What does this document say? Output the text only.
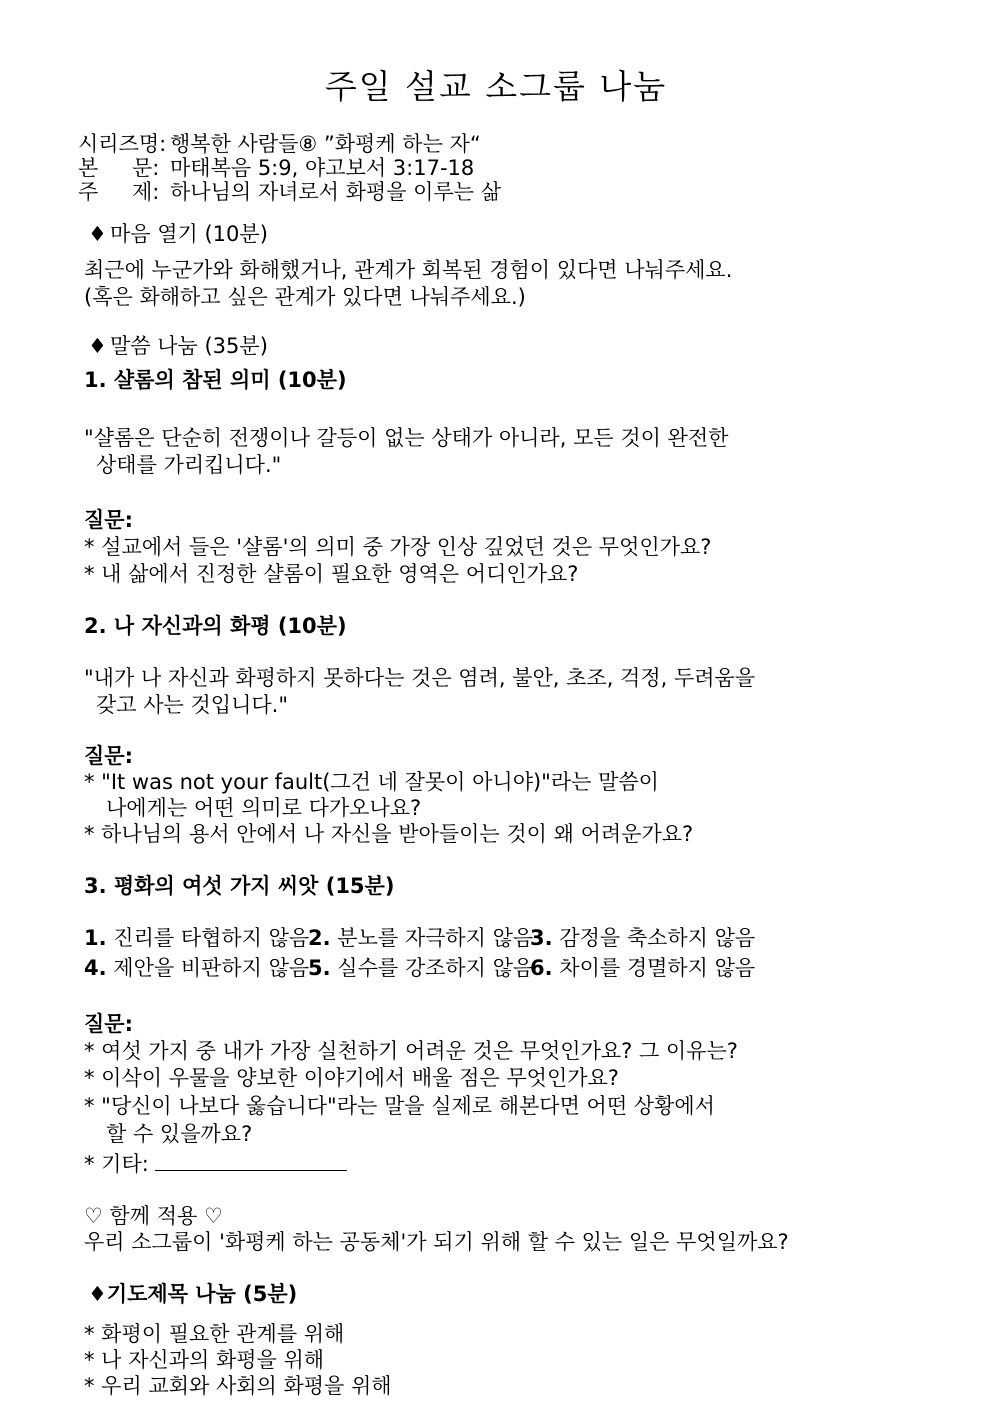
주일 설교 소그룹 나눔
시리즈명: 행복한 사람들⑧ ”화평케 하는 자“
본 문: 마태복음 5:9, 야고보서 3:17-18
주 제: 하나님의 자녀로서 화평을 이루는 삶
♦ 마음 열기 (10분)
최근에 누군가와 화해했거나, 관계가 회복된 경험이 있다면 나눠주세요.
(혹은 화해하고 싶은 관계가 있다면 나눠주세요.)
♦ 말씀 나눔 (35분)
1. 샬롬의 참된 의미 (10분)
"샬롬은 단순히 전쟁이나 갈등이 없는 상태가 아니라, 모든 것이 완전한
상태를 가리킵니다."
질문:
* 설교에서 들은 '샬롬'의 의미 중 가장 인상 깊었던 것은 무엇인가요?
* 내 삶에서 진정한 샬롬이 필요한 영역은 어디인가요?
2. 나 자신과의 화평 (10분)
"내가 나 자신과 화평하지 못하다는 것은 염려, 불안, 초조, 걱정, 두려움을
갖고 사는 것입니다."
질문:
* "It was not your fault(그건 네 잘못이 아니야)"라는 말씀이
나에게는 어떤 의미로 다가오나요?
* 하나님의 용서 안에서 나 자신을 받아들이는 것이 왜 어려운가요?
3. 평화의 여섯 가지 씨앗 (15분)
1. 진리를 타협하지 않음
2. 분노를 자극하지 않음
3. 감정을 축소하지 않음
4. 제안을 비판하지 않음
5. 실수를 강조하지 않음
6. 차이를 경멸하지 않음
질문:
* 여섯 가지 중 내가 가장 실천하기 어려운 것은 무엇인가요? 그 이유는?
* 이삭이 우물을 양보한 이야기에서 배울 점은 무엇인가요?
* "당신이 나보다 옳습니다"라는 말을 실제로 해본다면 어떤 상황에서
할 수 있을까요?
* 기타:
♡ 함께 적용 ♡
우리 소그룹이 '화평케 하는 공동체'가 되기 위해 할 수 있는 일은 무엇일까요?
♦기도제목 나눔 (5분)
* 화평이 필요한 관계를 위해
* 나 자신과의 화평을 위해
* 우리 교회와 사회의 화평을 위해
